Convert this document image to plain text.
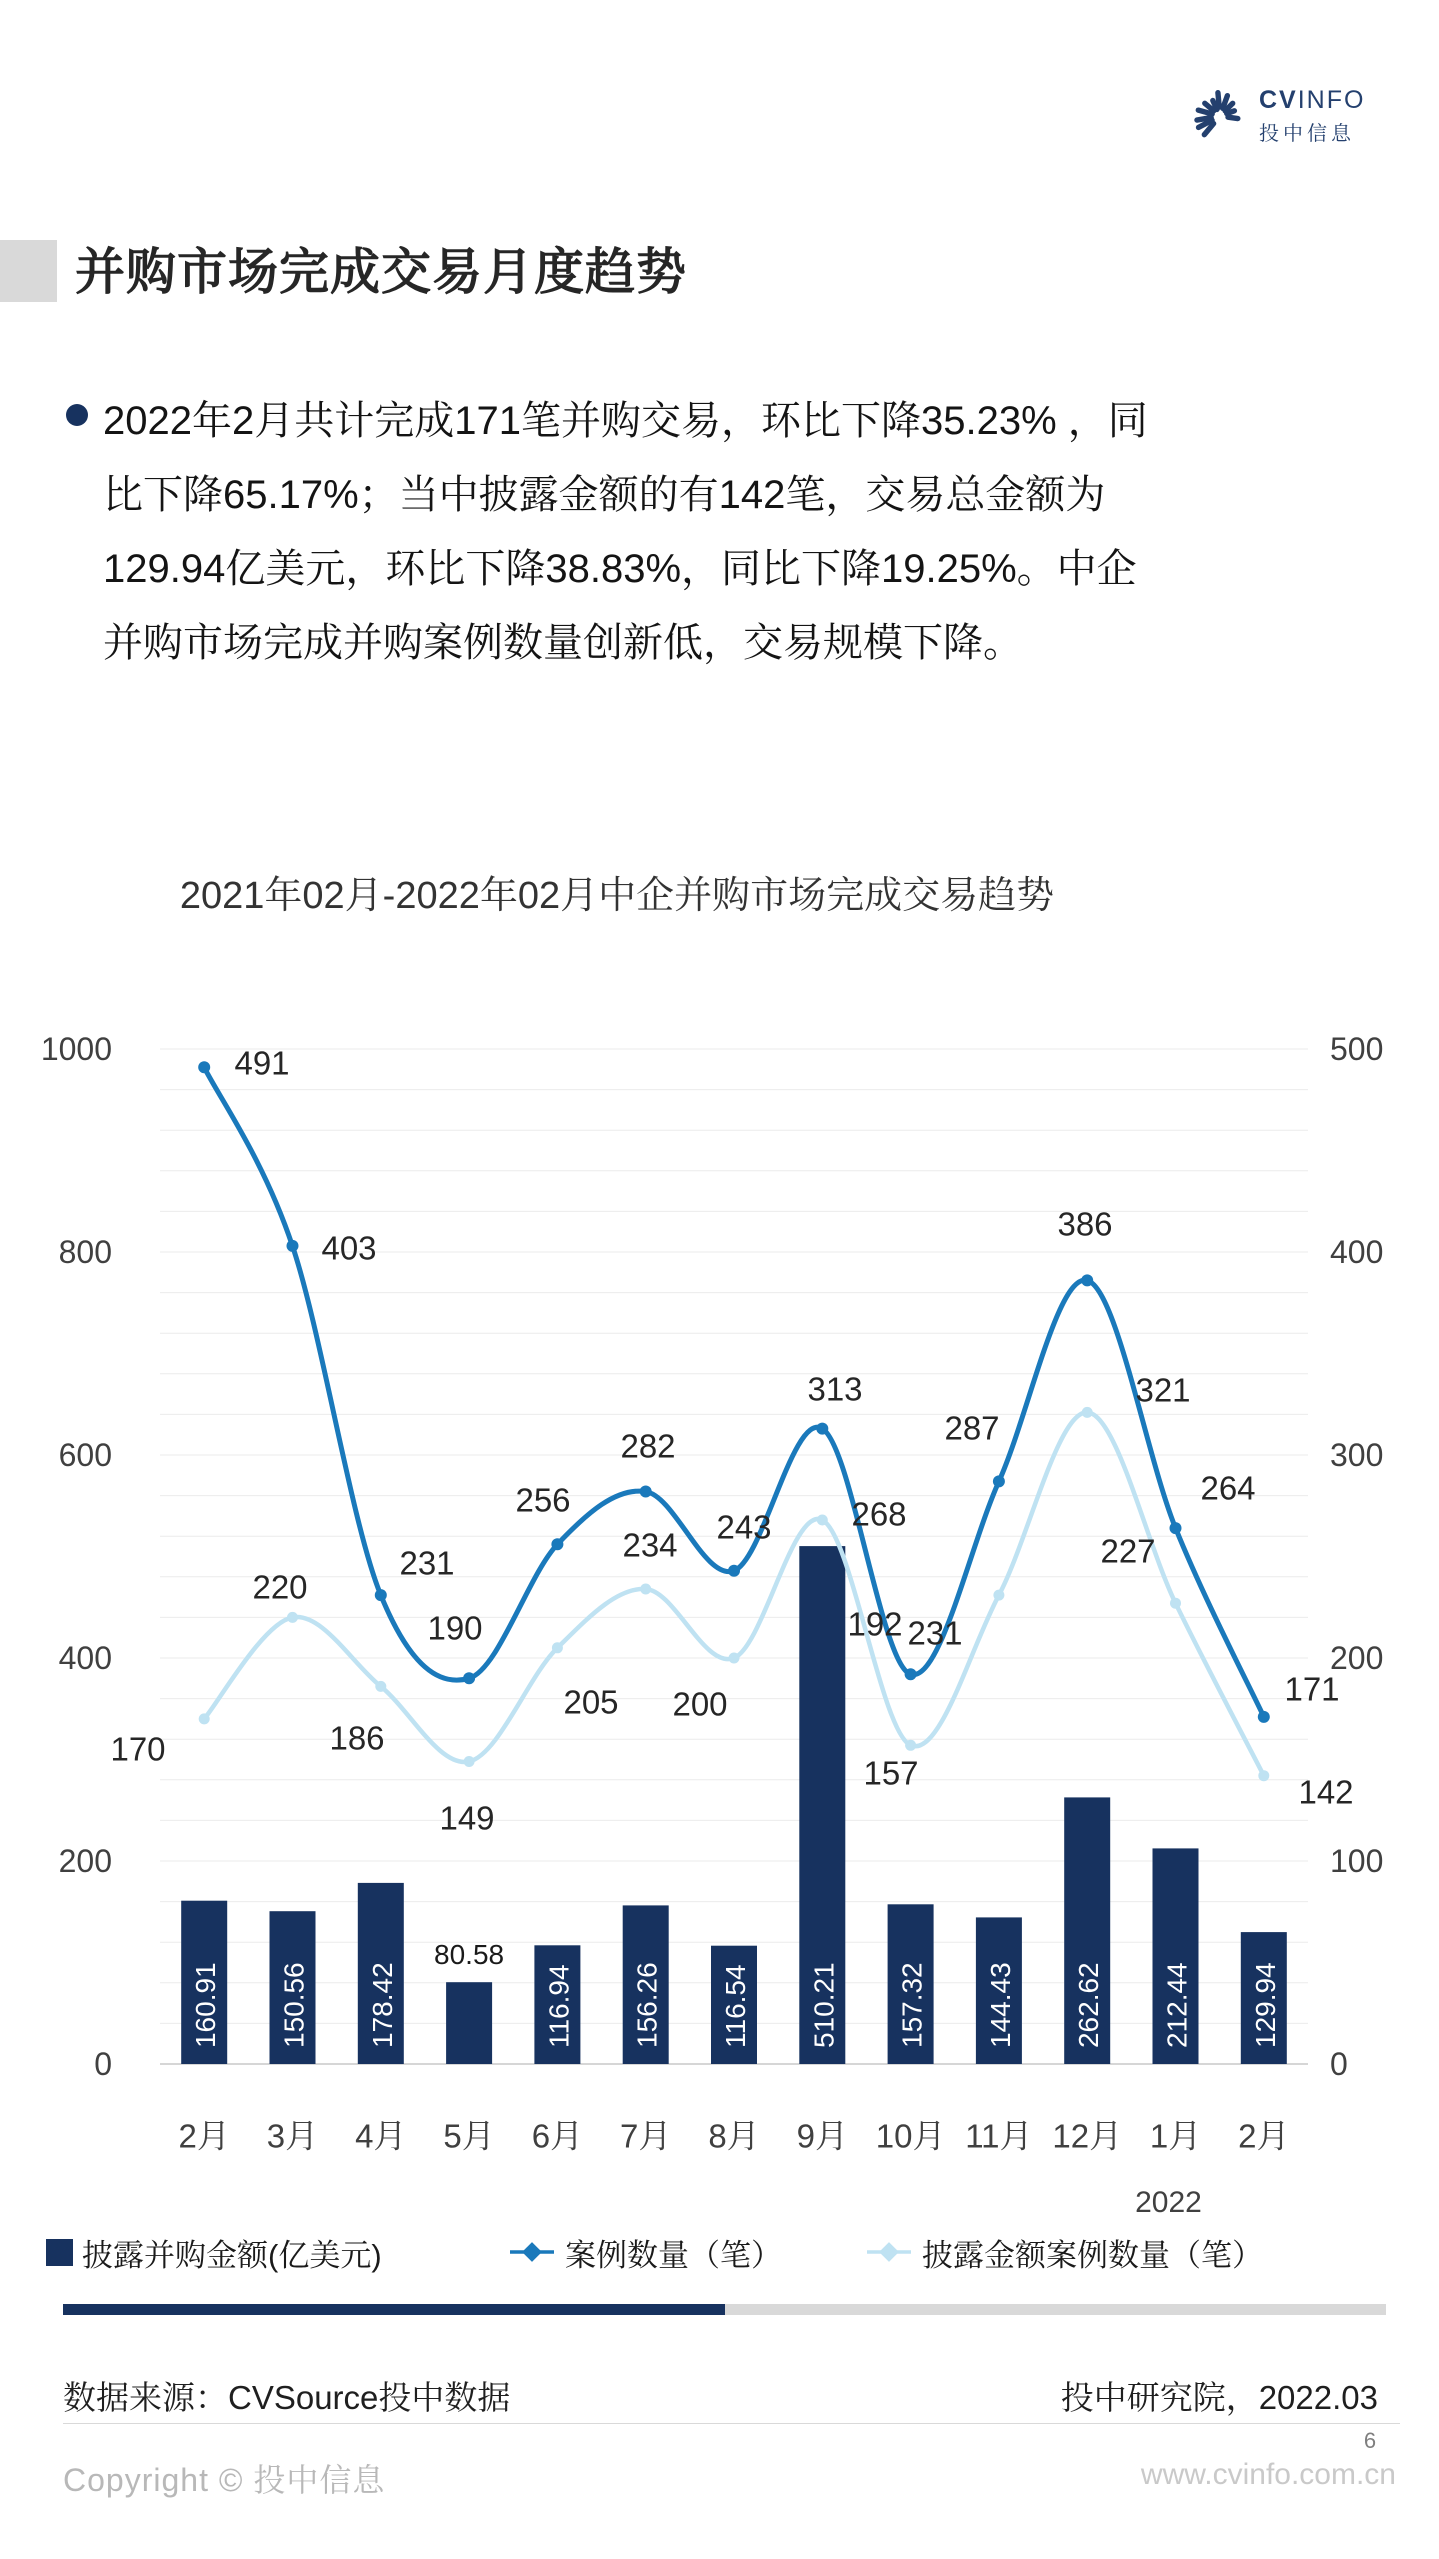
CVINFO
投中信息
并购市场完成交易月度趋势

2022年2月共计完成171笔并购交易，环比下降35.23% ，同比下降65.17%；当中披露金额的有142笔，交易总金额为129.94亿美元，环比下降38.83%，同比下降19.25%。中企并购市场完成并购案例数量创新低，交易规模下降。

2021年02月-2022年02月中企并购市场完成交易趋势
0
200
400
600
800
1000
0
100
200
300
400
500
160.91 150.56 178.42
80.58
116.94 156.26 116.54 510.21 157.32 144.43 262.62 212.44 129.94
491
403
231
190
256
282
243
313
192
287
386
264
171
170
220
186
149
205
234
200
268
157
231
321
227
142
2月 3月 4月 5月 6月 7月 8月 9月 10月 11月 12月 1月 2月
2022
披露并购金额(亿美元)	案例数量（笔）	披露金额案例数量（笔）
数据来源：CVSource投中数据	投中研究院，2022.03
6
Copyright © 投中信息	www.cvinfo.com.cn
